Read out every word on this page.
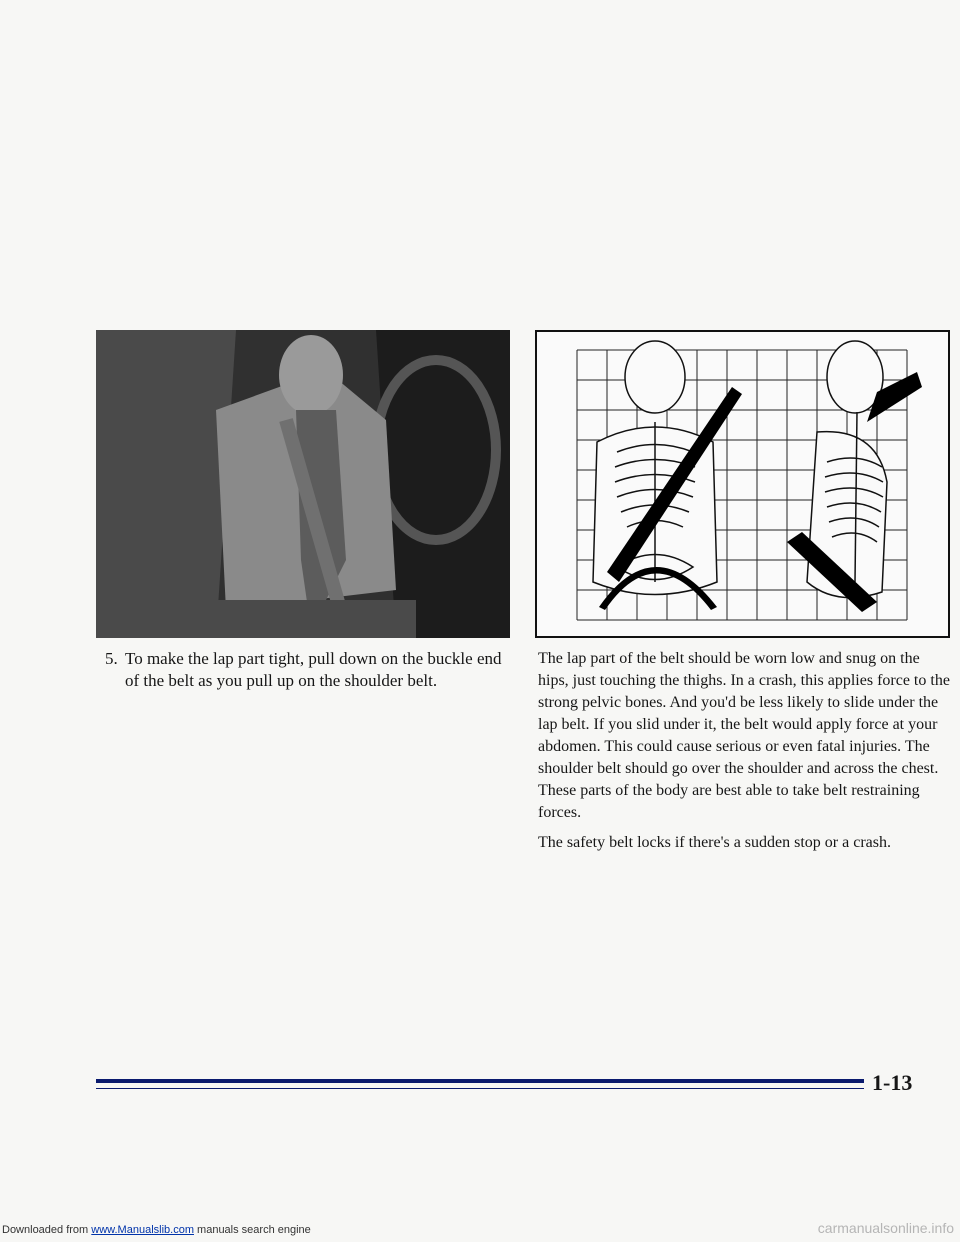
5. To make the lap part tight, pull down on the buckle end of the belt as you pull up on the shoulder belt.

The lap part of the belt should be worn low and snug on the hips, just touching the thighs. In a crash, this applies force to the strong pelvic bones. And you'd be less likely to slide under the lap belt. If you slid under it, the belt would apply force at your abdomen. This could cause serious or even fatal injuries. The shoulder belt should go over the shoulder and across the chest. These parts of the body are best able to take belt restraining forces.

The safety belt locks if there's a sudden stop or a crash.

1-13
Downloaded from www.Manualslib.com manuals search engine	carmanualsonline.info
